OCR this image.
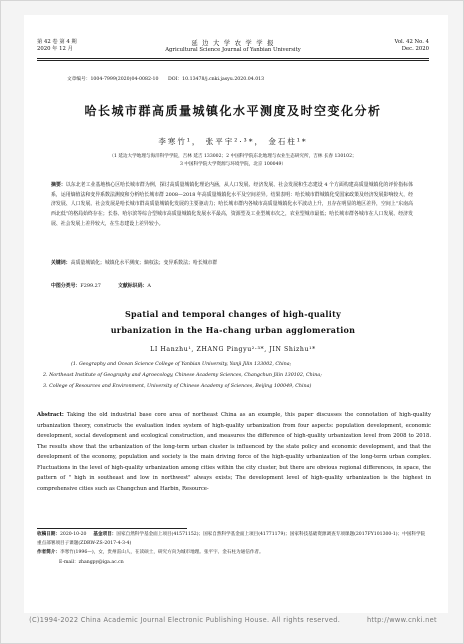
第 42 卷 第 4 期
2020 年 12 月
延 边 大 学 农 学 学 报
Agricultural Science Journal of Yanbian University
Vol. 42 No. 4
Dec. 2020
文章编号：1004-7999(2020)04-0082-10 DOI：10.13478/j.cnki.jasyu.2020.04.013
哈长城市群高质量城镇化水平测度及时空变化分析
李寒竹¹， 张平宇²·³*， 金石柱¹*
（1 延边大学地理与海洋科学学院，吉林 延吉 133002；2 中国科学院东北地理与农业生态研究所，吉林 长春 130102；
3 中国科学院大学资源与环境学院，北京 100049）
摘要：以东北老工业基地核心区哈长城市群为例，探讨高质量城镇化理论内涵，从人口发展、经济发展、社会发展和生态建设 4 个方面构建高质量城镇化的评价指标体系，运用熵值法和变异系数法测度和分析哈长城市群 2008—2018 年高质量城镇化水平及空间差异。结果表明：哈长城市群城镇化受国家政策及经济发展影响较大，经济发展、人口发展、社会发展是哈长城市群高质量城镇化发展的主要驱动力；哈长城市群内各城市高质量城镇化水平波动上升，且存在明显的地区差异，空间上“东南高西北低”的格局始终存在；长春、哈尔滨等综合型城市高质量城镇化发展水平最高，资源型及工业型城市次之，农业型城市最低；哈长城市群各城市在人口发展、经济发展、社会发展上差异较大，在生态建设上差异较小。
关键词：高质量城镇化；城镇化水平测度；熵权法；变异系数法；哈长城市群
中图分类号：F299.27	文献标识码：A
Spatial and temporal changes of high-quality
urbanization in the Ha-chang urban agglomeration
LI Hanzhu¹, ZHANG Pingyu²·³*, JIN Shizhu¹*
(1. Geography and Ocean Science College of Yanbian University, Yanji Jilin 133002, China;
2. Northeast Institute of Geography and Agroecology, Chinese Academy Sciences, Changchun Jilin 130102, China;
3. College of Resources and Environment, University of Chinese Academy of Sciences, Beijing 100049, China)
Abstract: Taking the old industrial base core area of northeast China as an example, this paper discusses the connotation of high-quality urbanization theory, constructs the evaluation index system of high-quality urbanization from four aspects: population development, economic development, social development and ecological construction, and measures the difference of high-quality urbanization level from 2008 to 2018. The results show that the urbanization of the long-term urban cluster is influenced by the state policy and economic development, and that the development of the economy, population and society is the main driving force of the high-quality urbanization of the long-term urban complex. Fluctuations in the level of high-quality urbanization among cities within the city cluster, but there are obvious regional differences, in space, the pattern of " high in southeast and low in northwest" always exists; The development level of high-quality urbanization is the highest in comprehensive cities such as Changchun and Harbin, Resource-
收稿日期：2020-10-20 基金项目：国家自然科学基金面上项目(41571152)；国家自然科学基金面上项目(41771179)；国家科技基础资源调查专项课题(2017FY101300-1)；中国科学院重点部署项目子课题(ZDRW-ZS-2017-4-3-4)
作者简介：李寒竹(1996—)，女，贵州雷山人，在读硕士，研究方向为城市地理。张平宇、金石柱为通信作者。
E-mail：zhangpy@iga.ac.cn
(C)1994-2022 China Academic Journal Electronic Publishing House. All rights reserved.	http://www.cnki.net
